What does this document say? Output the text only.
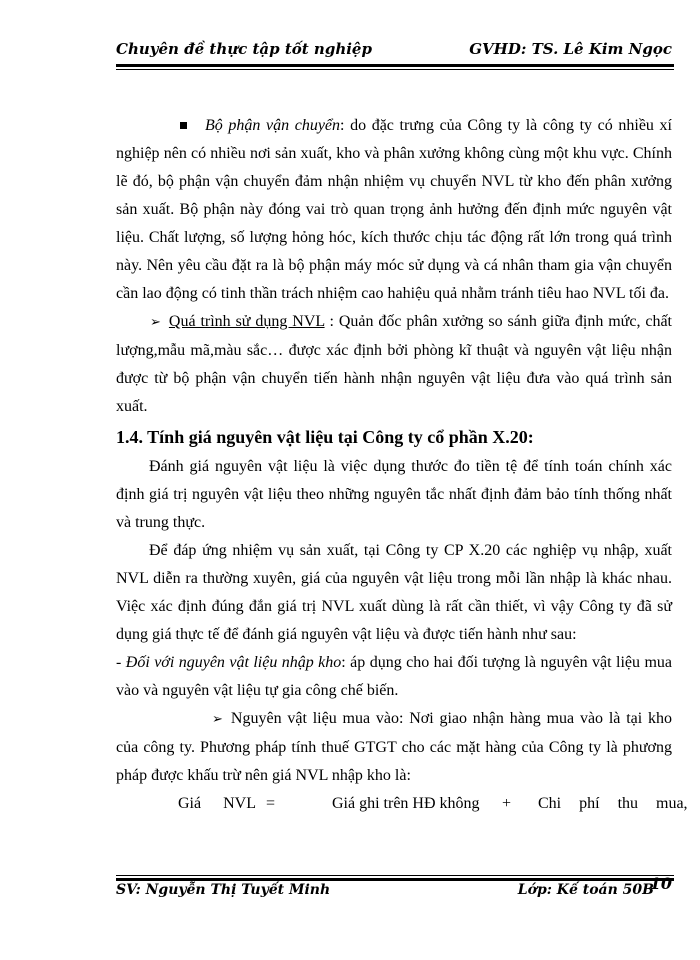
Chuyên đề thực tập tốt nghiệp	GVHD: TS. Lê Kim Ngọc

Bộ phận vận chuyển: do đặc trưng của Công ty là công ty có nhiều xí nghiệp nên có nhiều nơi sản xuất, kho và phân xưởng không cùng một khu vực. Chính lẽ đó, bộ phận vận chuyển đảm nhận nhiệm vụ chuyển NVL từ kho đến phân xưởng sản xuất. Bộ phận này đóng vai trò quan trọng ảnh hưởng đến định mức nguyên vật liệu. Chất lượng, số lượng hỏng hóc, kích thước chịu tác động rất lớn trong quá trình này. Nên yêu cầu đặt ra là bộ phận máy móc sử dụng và cá nhân tham gia vận chuyển cần lao động có tinh thần trách nhiệm cao hahiệu quả nhằm tránh tiêu hao NVL tối đa.

➢ Quá trình sử dụng NVL : Quản đốc phân xưởng so sánh giữa định mức, chất lượng,mẫu mã,màu sắc… được xác định bởi phòng kĩ thuật và nguyên vật liệu nhận được từ bộ phận vận chuyển tiến hành nhận nguyên vật liệu đưa vào quá trình sản xuất.

1.4. Tính giá nguyên vật liệu tại Công ty cổ phần X.20:

Đánh giá nguyên vật liệu là việc dụng thước đo tiền tệ để tính toán chính xác định giá trị nguyên vật liệu theo những nguyên tắc nhất định đảm bảo tính thống nhất và trung thực.

Để đáp ứng nhiệm vụ sản xuất, tại Công ty CP X.20 các nghiệp vụ nhập, xuất NVL diễn ra thường xuyên, giá của nguyên vật liệu trong mỗi lần nhập là khác nhau. Việc xác định đúng đắn giá trị NVL xuất dùng là rất cần thiết, vì vậy Công ty đã sử dụng giá thực tế để đánh giá nguyên vật liệu và được tiến hành như sau:

- Đối với nguyên vật liệu nhập kho: áp dụng cho hai đối tượng là nguyên vật liệu mua vào và nguyên vật liệu tự gia công chế biến.

➢ Nguyên vật liệu mua vào: Nơi giao nhận hàng mua vào là tại kho của công ty. Phương pháp tính thuế GTGT cho các mặt hàng của Công ty là phương pháp được khấu trừ nên giá NVL nhập kho là:

Giá NVL =	Giá ghi trên HĐ không + Chi phí thu mua,
SV: Nguyễn Thị Tuyết Minh	Lớp: Kế toán 50B
10
